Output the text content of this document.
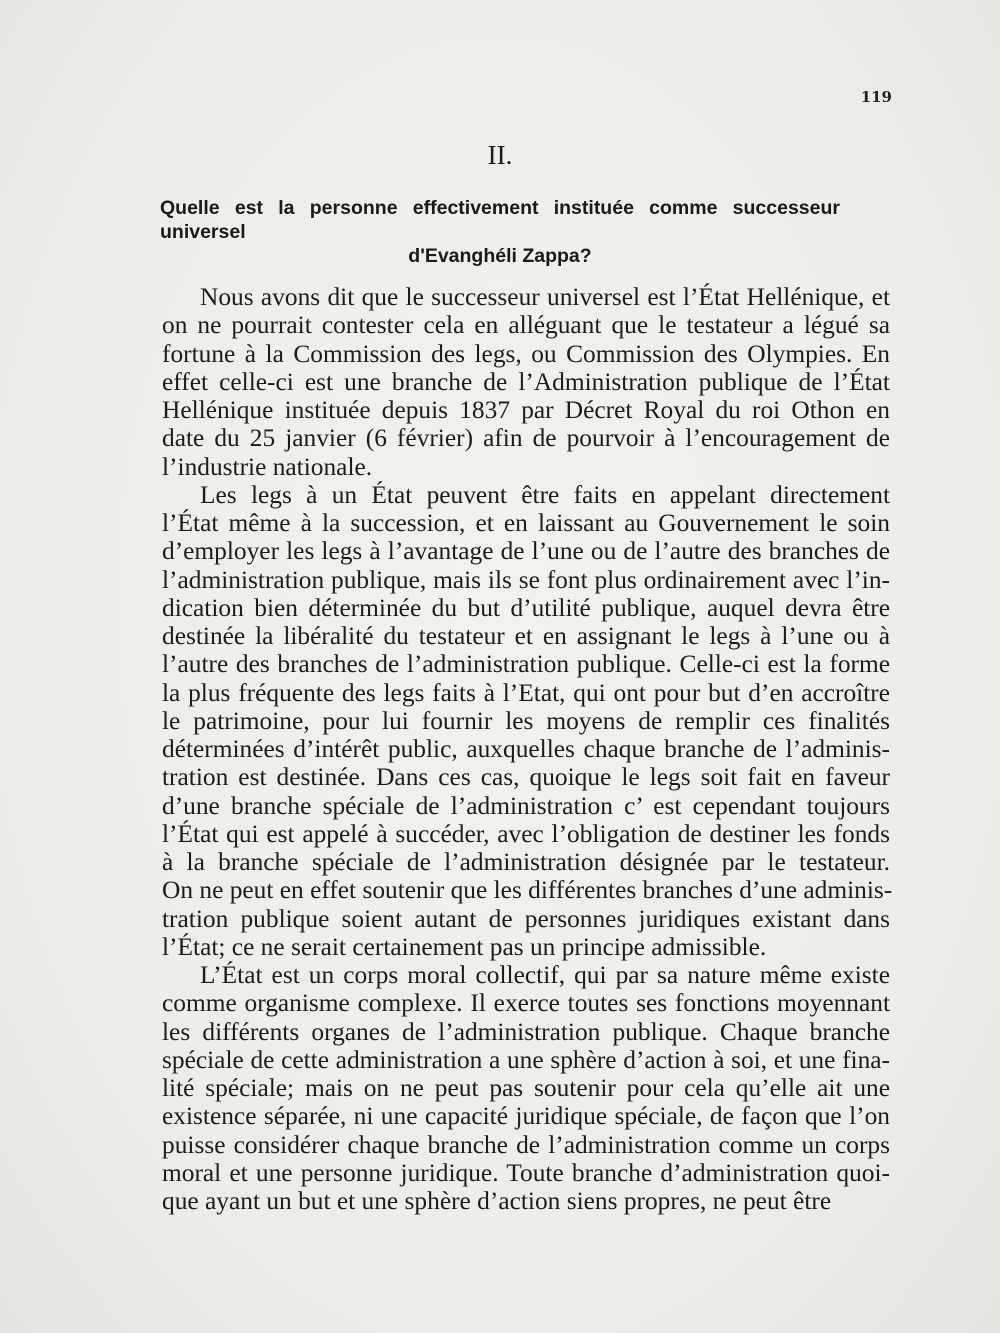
119
II.
Quelle est la personne effectivement instituée comme successeur universel
d'Evanghéli Zappa?
Nous avons dit que le successeur universel est l’État Hellénique, et
on ne pourrait contester cela en alléguant que le testateur a légué sa
fortune à la Commission des legs, ou Commission des Olympies. En
effet celle-ci est une branche de l’Administration publique de l’État
Hellénique instituée depuis 1837 par Décret Royal du roi Othon en
date du 25 janvier (6 février) afin de pourvoir à l’encouragement de
l’industrie nationale.
Les legs à un État peuvent être faits en appelant directement
l’État même à la succession, et en laissant au Gouvernement le soin
d’employer les legs à l’avantage de l’une ou de l’autre des branches de
l’administration publique, mais ils se font plus ordinairement avec l’in-
dication bien déterminée du but d’utilité publique, auquel devra être
destinée la libéralité du testateur et en assignant le legs à l’une ou à
l’autre des branches de l’administration publique. Celle-ci est la forme
la plus fréquente des legs faits à l’Etat, qui ont pour but d’en accroître
le patrimoine, pour lui fournir les moyens de remplir ces finalités
déterminées d’intérêt public, auxquelles chaque branche de l’adminis-
tration est destinée. Dans ces cas, quoique le legs soit fait en faveur
d’une branche spéciale de l’administration c’ est cependant toujours
l’État qui est appelé à succéder, avec l’obligation de destiner les fonds
à la branche spéciale de l’administration désignée par le testateur.
On ne peut en effet soutenir que les différentes branches d’une adminis-
tration publique soient autant de personnes juridiques existant dans
l’État; ce ne serait certainement pas un principe admissible.
L’État est un corps moral collectif, qui par sa nature même existe
comme organisme complexe. Il exerce toutes ses fonctions moyennant
les différents organes de l’administration publique. Chaque branche
spéciale de cette administration a une sphère d’action à soi, et une fina-
lité spéciale; mais on ne peut pas soutenir pour cela qu’elle ait une
existence séparée, ni une capacité juridique spéciale, de façon que l’on
puisse considérer chaque branche de l’administration comme un corps
moral et une personne juridique. Toute branche d’administration quoi-
que ayant un but et une sphère d’action siens propres, ne peut être
